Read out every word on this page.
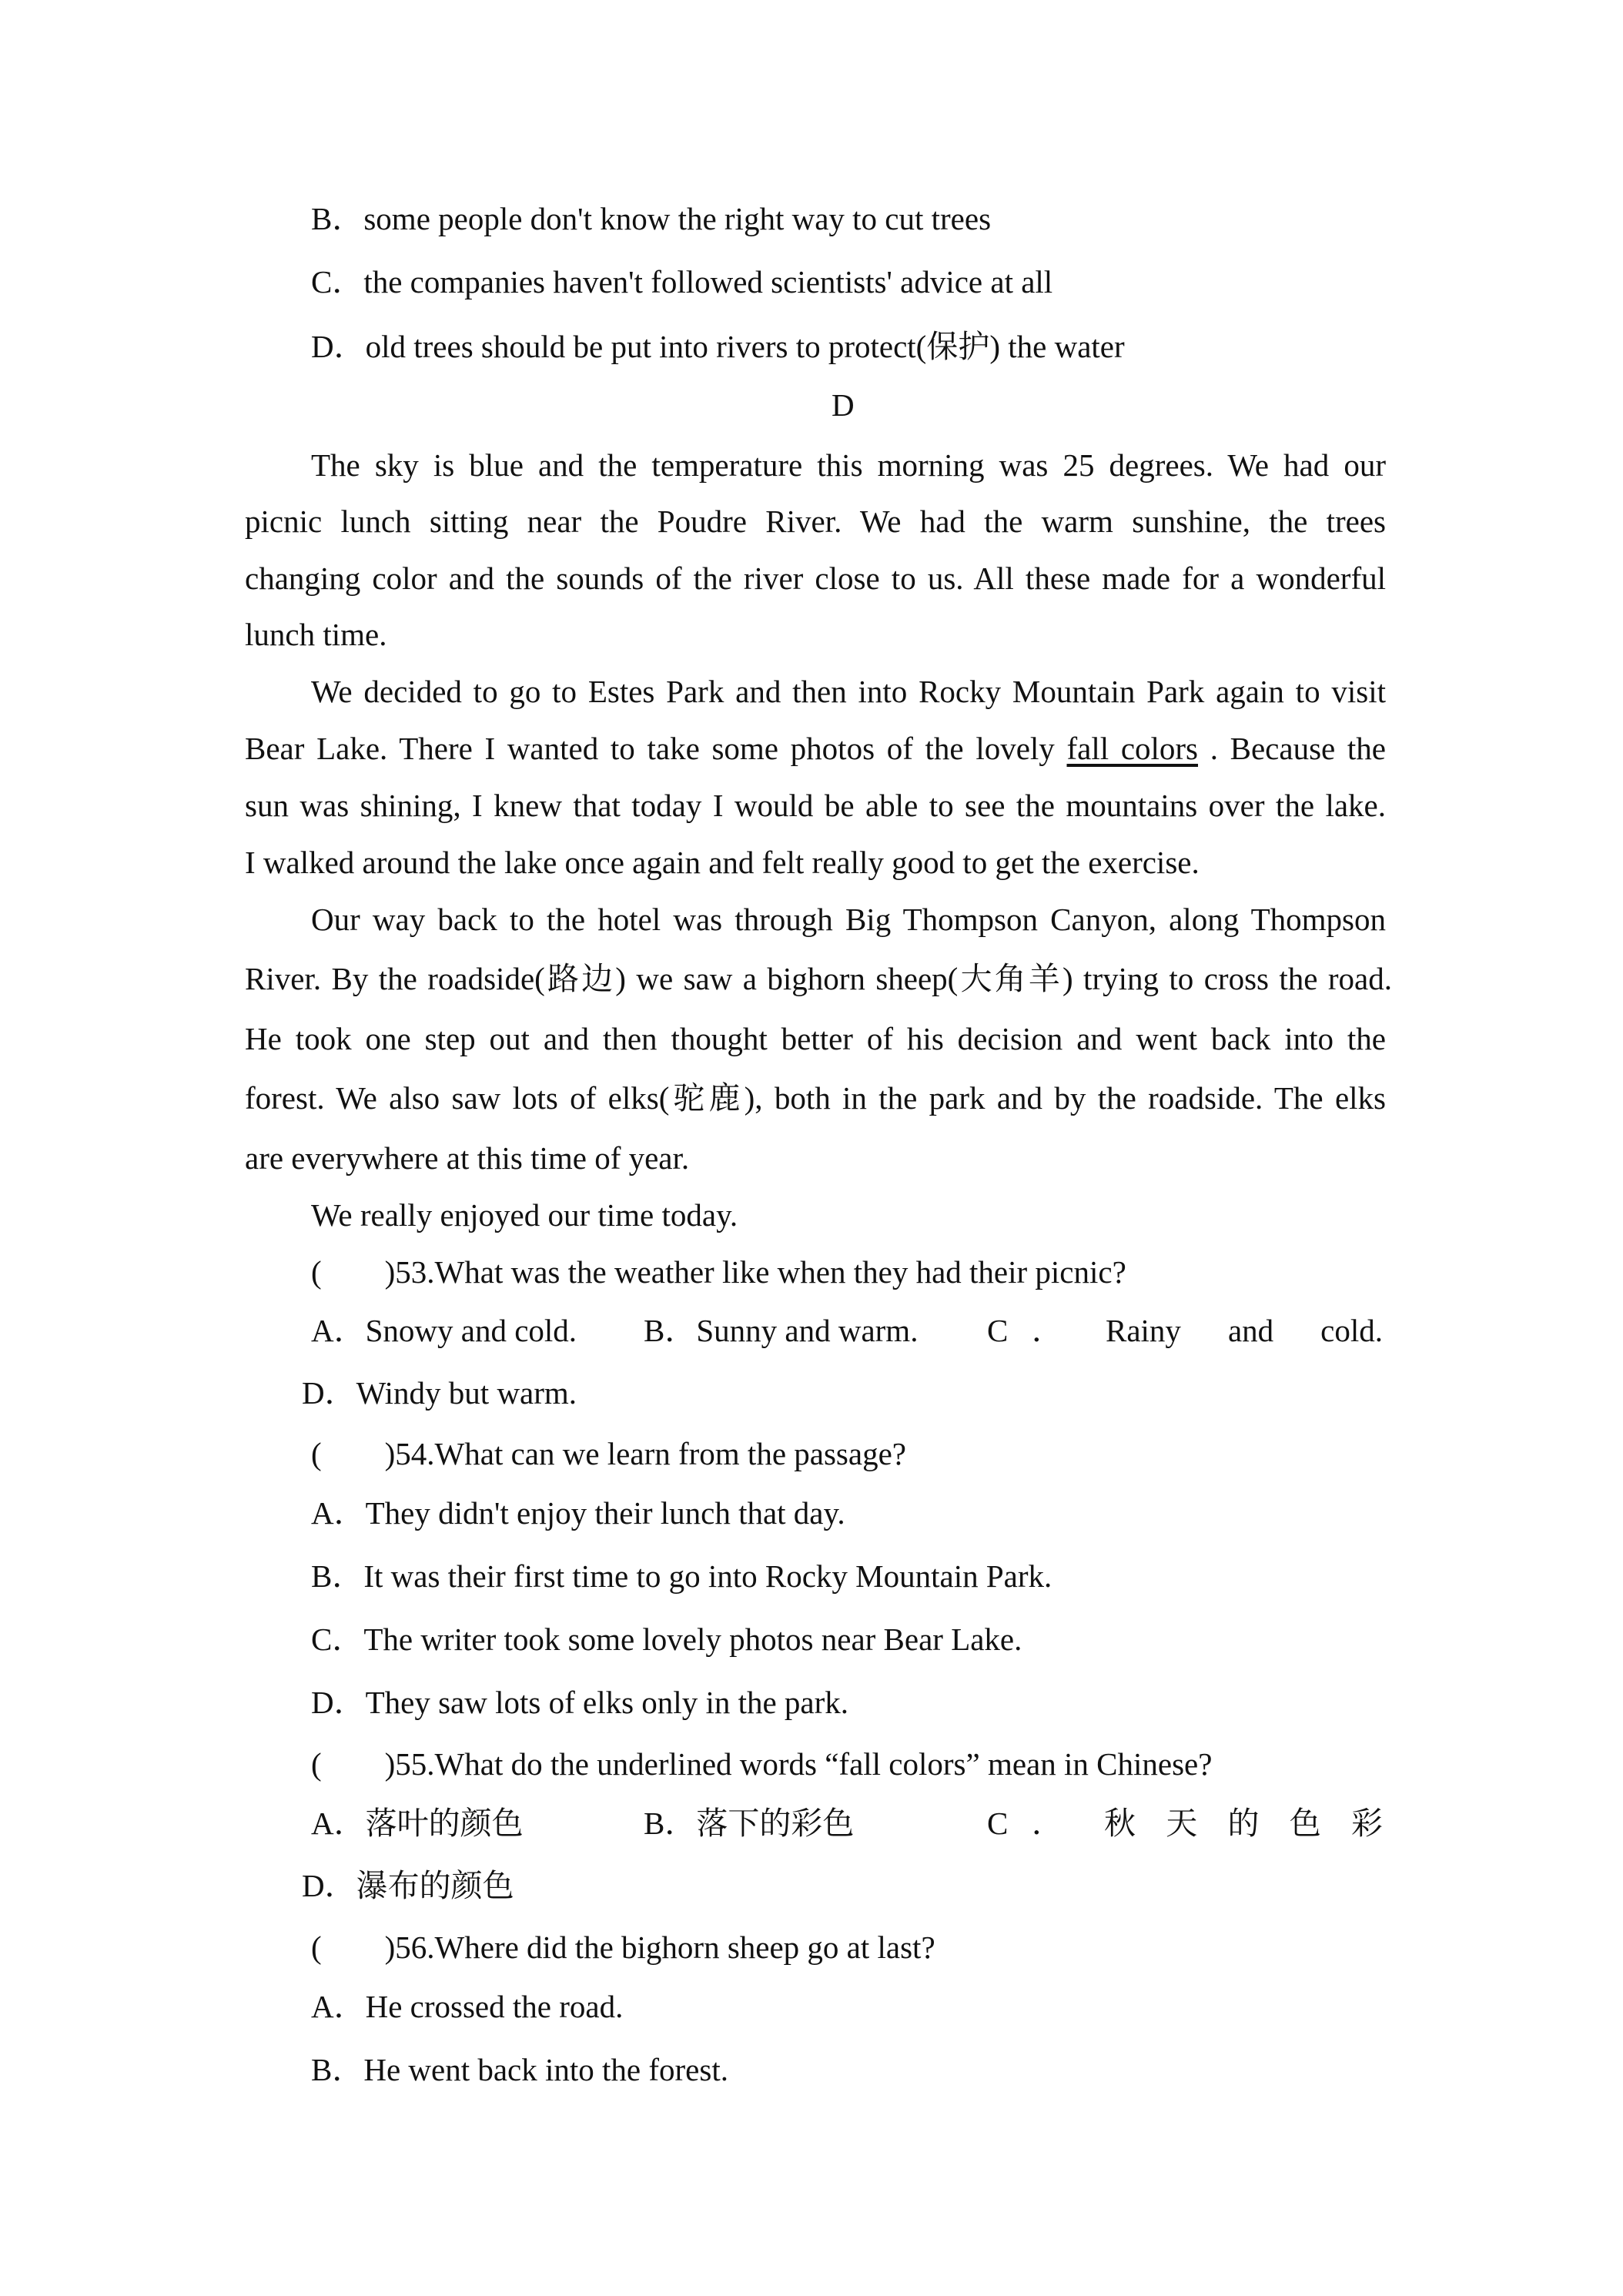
B．some people don't know the right way to cut trees
C．the companies haven't followed scientists' advice at all
D．old trees should be put into rivers to protect(保护) the water
D
The sky is blue and the temperature this morning was 25 degrees. We had our
picnic lunch sitting near the Poudre River. We had the warm sunshine, the trees
changing color and the sounds of the river close to us. All these made for a wonderful
lunch time.
We decided to go to Estes Park and then into Rocky Mountain Park again to visit
Bear Lake. There I wanted to take some photos of the lovely fall colors . Because the
sun was shining, I knew that today I would be able to see the mountains over the lake.
I walked around the lake once again and felt really good to get the exercise.
Our way back to the hotel was through Big Thompson Canyon, along Thompson
River. By the roadside(路边) we saw a bighorn sheep(大角羊) trying to cross the road.
He took one step out and then thought better of his decision and went back into the
forest. We also saw lots of elks(驼鹿), both in the park and by the roadside. The elks
are everywhere at this time of year.
We really enjoyed our time today.
(　　)53.What was the weather like when they had their picnic?
A．Snowy and cold. B．Sunny and warm. C ． Rainy and cold.
D．Windy but warm.
(　　)54.What can we learn from the passage?
A．They didn't enjoy their lunch that day.
B．It was their first time to go into Rocky Mountain Park.
C．The writer took some lovely photos near Bear Lake.
D．They saw lots of elks only in the park.
(　　)55.What do the underlined words “fall colors” mean in Chinese?
A．落叶的颜色	B．落下的彩色	C ． 秋 天 的 色 彩
D．瀑布的颜色
(　　)56.Where did the bighorn sheep go at last?
A．He crossed the road.
B．He went back into the forest.
